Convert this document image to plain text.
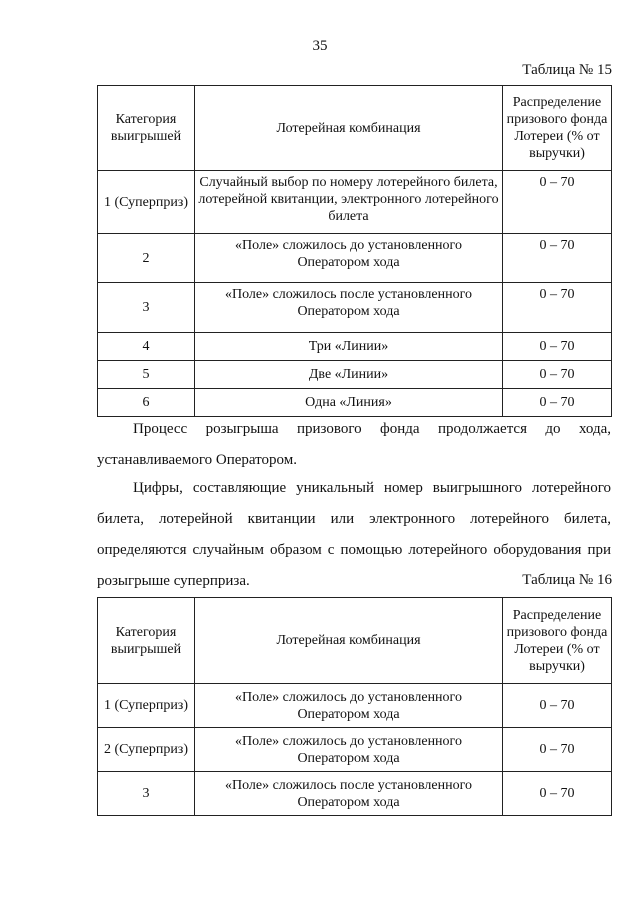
35
Таблица № 15
Категория выигрышей	Лотерейная комбинация	Распределение призового фонда Лотереи (% от выручки)
1 (Суперприз)	Случайный выбор по номеру лотерейного билета, лотерейной квитанции, электронного лотерейного билета	0 – 70
2	«Поле» сложилось до установленного Оператором хода	0 – 70
3	«Поле» сложилось после установленного Оператором хода	0 – 70
4	Три «Линии»	0 – 70
5	Две «Линии»	0 – 70
6	Одна «Линия»	0 – 70

Процесс розыгрыша призового фонда продолжается до хода, устанавливаемого Оператором.

Цифры, составляющие уникальный номер выигрышного лотерейного билета, лотерейной квитанции или электронного лотерейного билета, определяются случайным образом с помощью лотерейного оборудования при розыгрыше суперприза.	Таблица № 16
Категория выигрышей	Лотерейная комбинация	Распределение призового фонда Лотереи (% от выручки)
1 (Суперприз)	«Поле» сложилось до установленного Оператором хода	0 – 70
2 (Суперприз)	«Поле» сложилось до установленного Оператором хода	0 – 70
3	«Поле» сложилось после установленного Оператором хода	0 – 70
